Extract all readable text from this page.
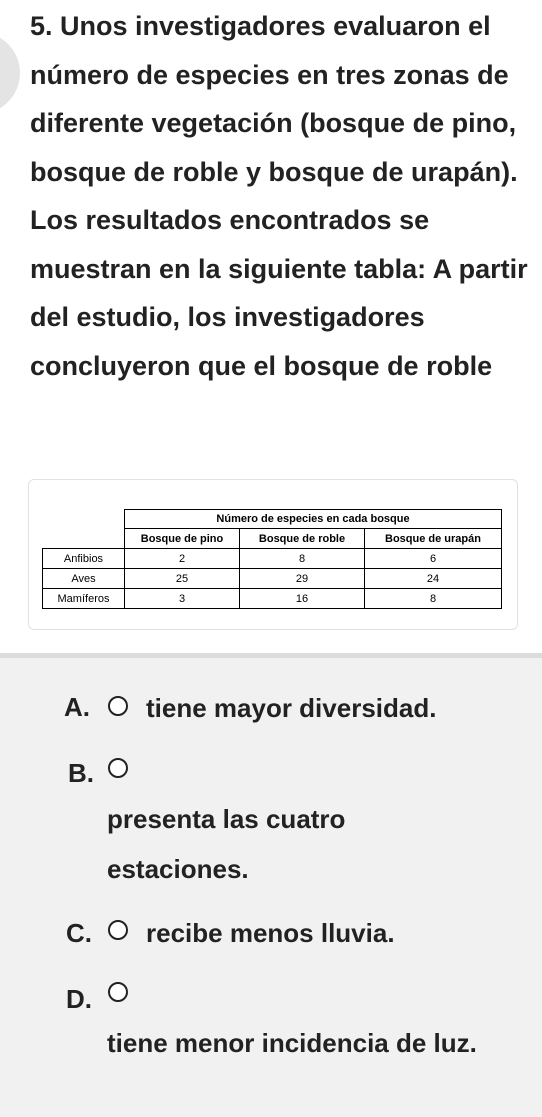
5. Unos investigadores evaluaron el número de especies en tres zonas de diferente vegetación (bosque de pino, bosque de roble y bosque de urapán). Los resultados encontrados se muestran en la siguiente tabla: A partir del estudio, los investigadores concluyeron que el bosque de roble

	Número de especies en cada bosque		
	Bosque de pino	Bosque de roble	Bosque de urapán
Anfibios	2	8	6
Aves	25	29	24
Mamíferos	3	16	8
A. tiene mayor diversidad.
B.
presenta las cuatro estaciones.
C. recibe menos lluvia.
D.
tiene menor incidencia de luz.
